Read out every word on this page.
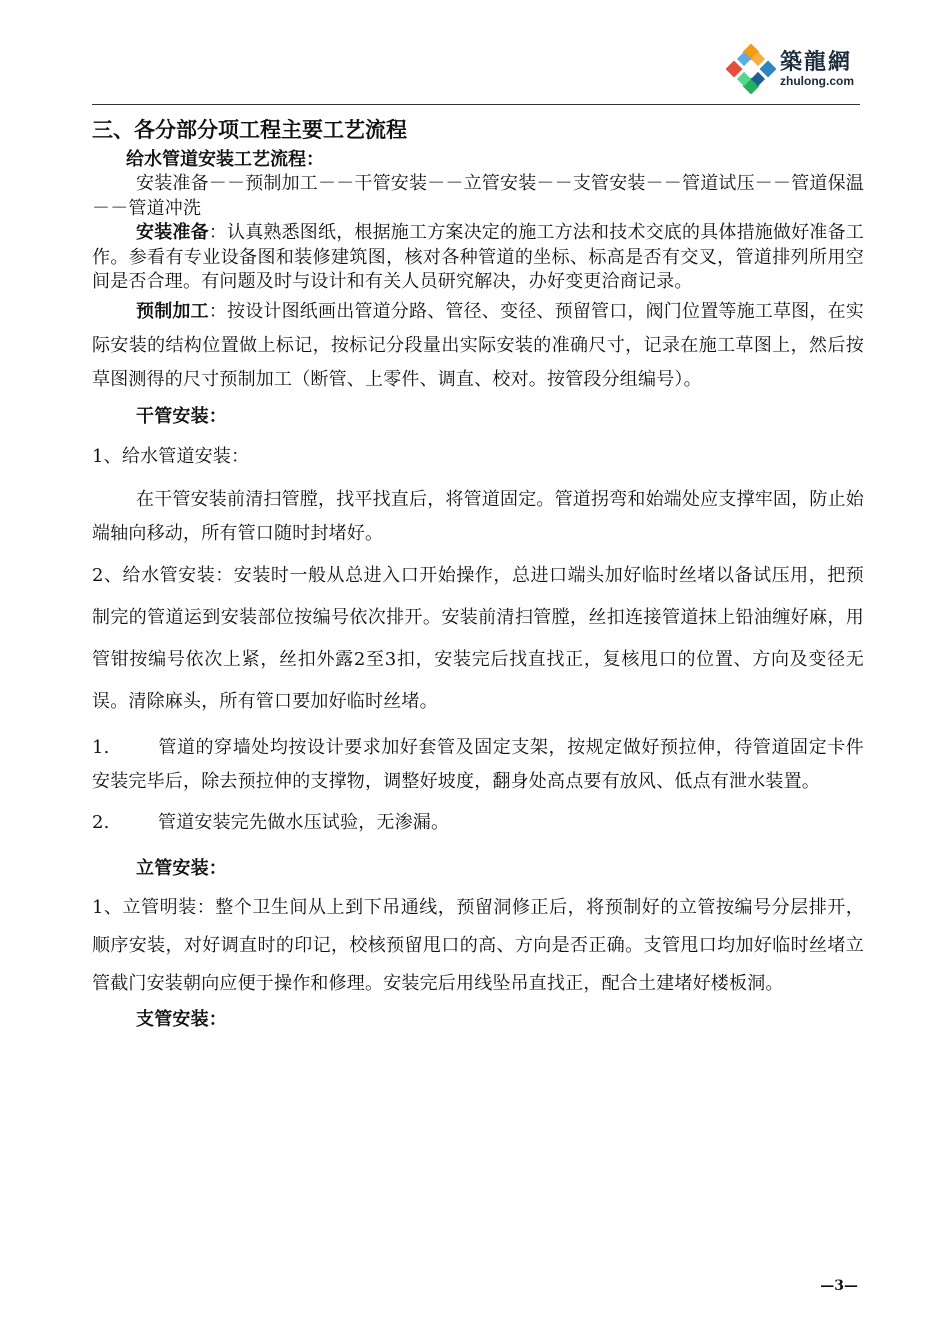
築龍網
zhulong.com
三、各分部分项工程主要工艺流程
给水管道安装工艺流程：

安装准备－－预制加工－－干管安装－－立管安装－－支管安装－－管道试压－－管道保温－－管道冲洗

安装准备：认真熟悉图纸，根据施工方案决定的施工方法和技术交底的具体措施做好准备工作。参看有专业设备图和装修建筑图，核对各种管道的坐标、标高是否有交叉，管道排列所用空间是否合理。有问题及时与设计和有关人员研究解决，办好变更洽商记录。

预制加工：按设计图纸画出管道分路、管径、变径、预留管口，阀门位置等施工草图，在实际安装的结构位置做上标记，按标记分段量出实际安装的准确尺寸，记录在施工草图上，然后按草图测得的尺寸预制加工（断管、上零件、调直、校对。按管段分组编号）。

干管安装：

1、给水管道安装：

在干管安装前清扫管膛，找平找直后，将管道固定。管道拐弯和始端处应支撑牢固，防止始端轴向移动，所有管口随时封堵好。

2、给水管安装：安装时一般从总进入口开始操作，总进口端头加好临时丝堵以备试压用，把预制完的管道运到安装部位按编号依次排开。安装前清扫管膛，丝扣连接管道抹上铅油缠好麻，用管钳按编号依次上紧，丝扣外露2至3扣，安装完后找直找正，复核甩口的位置、方向及变径无误。清除麻头，所有管口要加好临时丝堵。

1.	管道的穿墙处均按设计要求加好套管及固定支架，按规定做好预拉伸，待管道固定卡件安装完毕后，除去预拉伸的支撑物，调整好坡度，翻身处高点要有放风、低点有泄水装置。

2.	管道安装完先做水压试验，无渗漏。

立管安装：

1、立管明装：整个卫生间从上到下吊通线，预留洞修正后，将预制好的立管按编号分层排开，顺序安装，对好调直时的印记，校核预留甩口的高、方向是否正确。支管甩口均加好临时丝堵立管截门安装朝向应便于操作和修理。安装完后用线坠吊直找正，配合土建堵好楼板洞。

支管安装：

—3—
